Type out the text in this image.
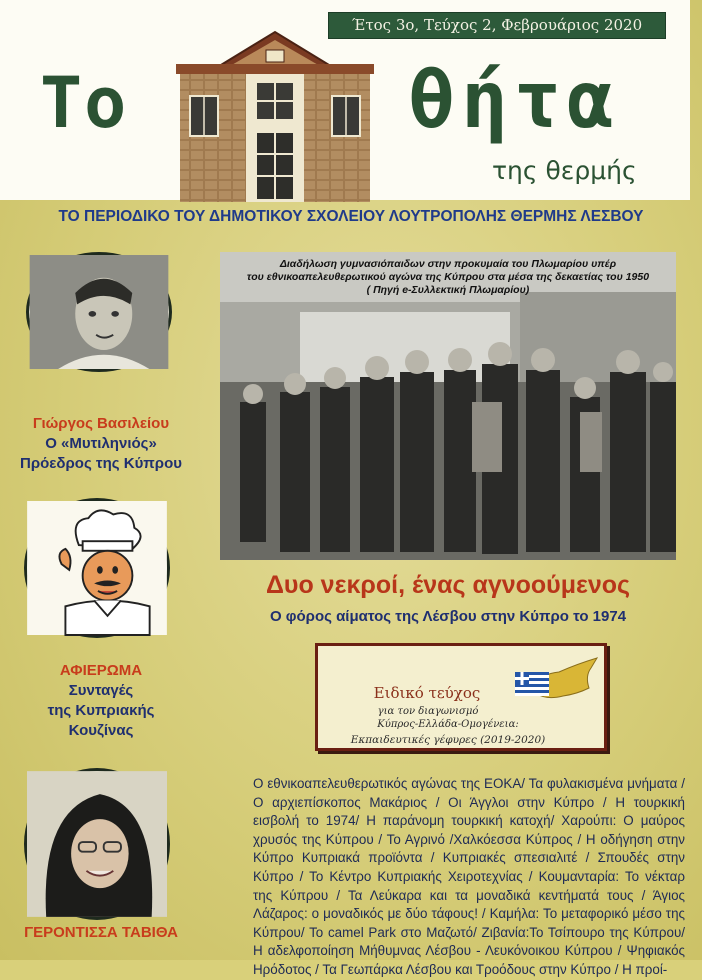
Έτος 3ο, Τεύχος 2, Φεβρουάριος 2020
Το	θήτα
της θερμής
ΤΟ ΠΕΡΙΟΔΙΚΟ ΤΟΥ ΔΗΜΟΤΙΚΟΥ ΣΧΟΛΕΙΟΥ ΛΟΥΤΡΟΠΟΛΗΣ ΘΕΡΜΗΣ ΛΕΣΒΟΥ
Γιώργος Βασιλείου
Ο «Μυτιληνιός»
Πρόεδρος της Κύπρου
ΑΦΙΕΡΩΜΑ
Συνταγές
της Κυπριακής
Κουζίνας
ΓΕΡΟΝΤΙΣΣΑ ΤΑΒΙΘΑ
Διαδήλωση γυμνασιόπαιδων στην προκυμαία του Πλωμαρίου υπέρ
του εθνικοαπελευθερωτικού αγώνα της Κύπρου στα μέσα της δεκαετίας του 1950
( Πηγή e-Συλλεκτική Πλωμαρίου)
Δυο νεκροί, ένας αγνοούμενος
Ο φόρος αίματος της Λέσβου στην Κύπρο το 1974
Ειδικό τεύχος
για τον διαγωνισμό
Κύπρος-Ελλάδα-Ομογένεια:
Εκπαιδευτικές γέφυρες (2019-2020)
Ο εθνικοαπελευθερωτικός αγώνας της ΕΟΚΑ/ Τα φυλακισμένα μνήματα / Ο αρχιεπίσκοπος Μακάριος / Οι Άγγλοι στην Κύπρο / Η τουρκική εισβολή το 1974/ Η παράνομη τουρκική κατοχή/ Χαρούπι: Ο μαύρος χρυσός της Κύπρου / Το Αγρινό /Χαλκόεσσα Κύπρος / Η οδήγηση στην Κύπρο Κυπριακά προϊόντα / Κυπριακές σπεσιαλιτέ / Σπουδές στην Κύπρο / Το Κέντρο Κυπριακής Χειροτεχνίας / Κουμανταρία: Το νέκταρ της Κύπρου / Τα Λεύκαρα και τα μοναδικά κεντήματά τους / Άγιος Λάζαρος: ο μοναδικός με δύο τάφους! / Καμήλα: Το μεταφορικό μέσο της Κύπρου/ Το camel Park στο Μαζωτό/ Ζιβανία:Το Τσίπουρο της Κύπρου/ Η αδελφοποίηση Μήθυμνας Λέσβου - Λευκόνοικου Κύπρου / Ψηφιακός Ηρόδοτος / Τα Γεωπάρκα Λέσβου και Τροόδους στην Κύπρο / Η προί-
